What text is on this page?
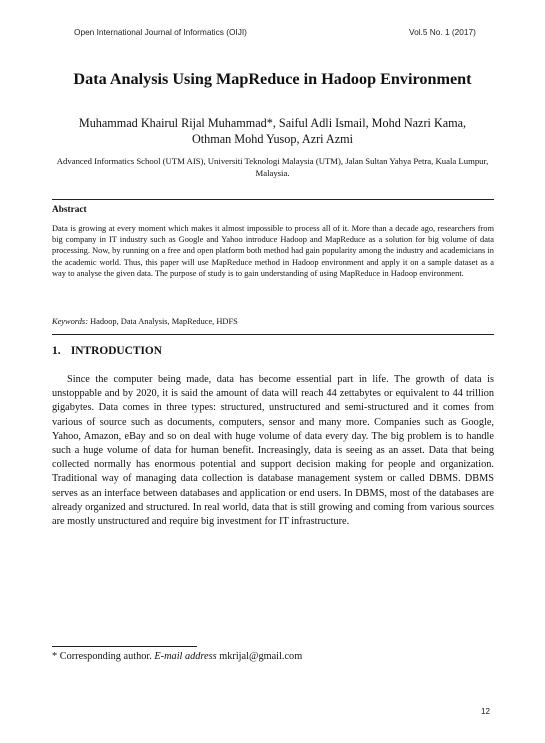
Open International Journal of Informatics (OIJI)	Vol.5 No. 1 (2017)
Data Analysis Using MapReduce in Hadoop Environment
Muhammad Khairul Rijal Muhammad*, Saiful Adli Ismail, Mohd Nazri Kama,
Othman Mohd Yusop, Azri Azmi
Advanced Informatics School (UTM AIS), Universiti Teknologi Malaysia (UTM), Jalan Sultan Yahya Petra, Kuala Lumpur, Malaysia.
Abstract

Data is growing at every moment which makes it almost impossible to process all of it. More than a decade ago, researchers from big company in IT industry such as Google and Yahoo introduce Hadoop and MapReduce as a solution for big volume of data processing. Now, by running on a free and open platform both method had gain popularity among the industry and academicians in the academic world. Thus, this paper will use MapReduce method in Hadoop environment and apply it on a sample dataset as a way to analyse the given data. The purpose of study is to gain understanding of using MapReduce in Hadoop environment.

Keywords: Hadoop, Data Analysis, MapReduce, HDFS
1. INTRODUCTION

Since the computer being made, data has become essential part in life. The growth of data is unstoppable and by 2020, it is said the amount of data will reach 44 zettabytes or equivalent to 44 trillion gigabytes. Data comes in three types: structured, unstructured and semi-structured and it comes from various of source such as documents, computers, sensor and many more. Companies such as Google, Yahoo, Amazon, eBay and so on deal with huge volume of data every day. The big problem is to handle such a huge volume of data for human benefit. Increasingly, data is seeing as an asset. Data that being collected normally has enormous potential and support decision making for people and organization. Traditional way of managing data collection is database management system or called DBMS. DBMS serves as an interface between databases and application or end users. In DBMS, most of the databases are already organized and structured. In real world, data that is still growing and coming from various sources are mostly unstructured and require big investment for IT infrastructure.

* Corresponding author. E-mail address mkrijal@gmail.com
12
